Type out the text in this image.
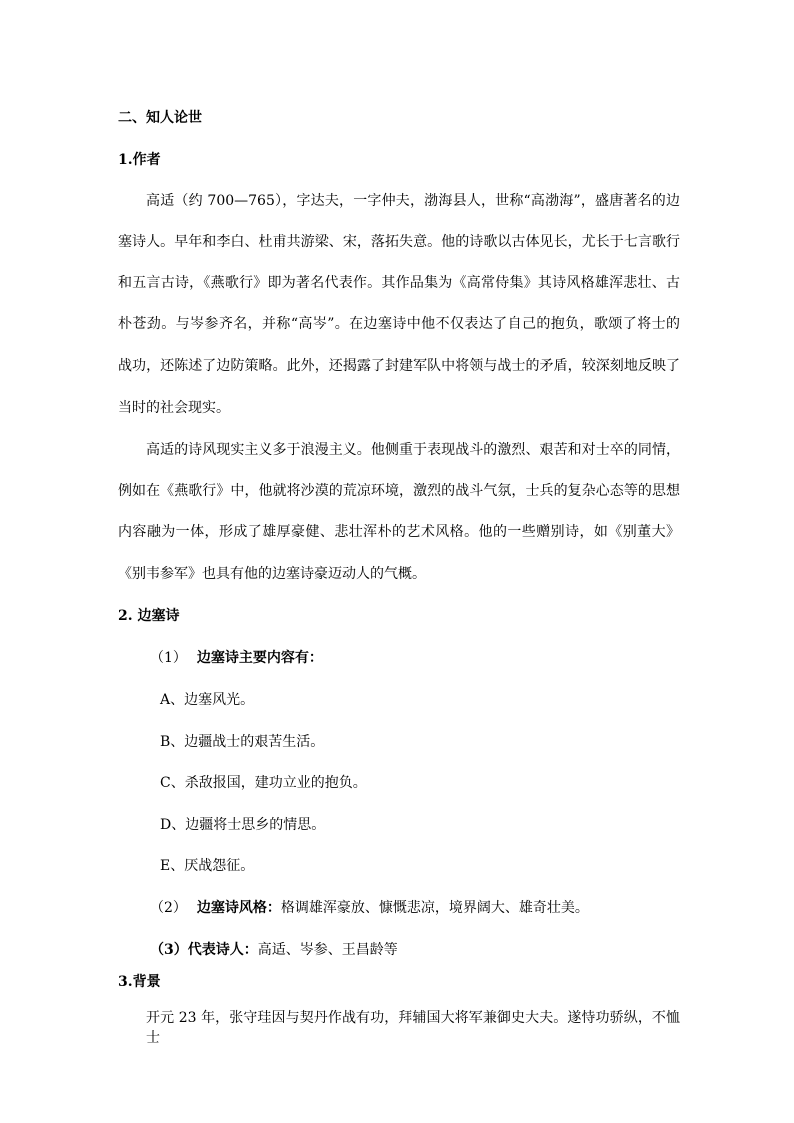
二、知人论世
1.作者
高适（约 700—765），字达夫，一字仲夫，渤海县人，世称“高渤海”，盛唐著名的边
塞诗人。早年和李白、杜甫共游梁、宋，落拓失意。他的诗歌以古体见长，尤长于七言歌行
和五言古诗，《燕歌行》即为著名代表作。其作品集为《高常侍集》其诗风格雄浑悲壮、古
朴苍劲。与岑参齐名，并称“高岑”。在边塞诗中他不仅表达了自己的抱负，歌颂了将士的
战功，还陈述了边防策略。此外，还揭露了封建军队中将领与战士的矛盾，较深刻地反映了
当时的社会现实。
高适的诗风现实主义多于浪漫主义。他侧重于表现战斗的激烈、艰苦和对士卒的同情，
例如在《燕歌行》中，他就将沙漠的荒凉环境，激烈的战斗气氛，士兵的复杂心态等的思想
内容融为一体，形成了雄厚豪健、悲壮浑朴的艺术风格。他的一些赠别诗，如《别董大》
《别韦参军》也具有他的边塞诗豪迈动人的气概。
2. 边塞诗
（1） 边塞诗主要内容有：
A、边塞风光。
B、边疆战士的艰苦生活。
C、杀敌报国，建功立业的抱负。
D、边疆将士思乡的情思。
E、厌战怨征。
（2） 边塞诗风格：格调雄浑豪放、慷慨悲凉，境界阔大、雄奇壮美。
（3）代表诗人：高适、岑参、王昌龄等
3.背景
开元 23 年，张守珪因与契丹作战有功，拜辅国大将军兼御史大夫。遂恃功骄纵，不恤士
